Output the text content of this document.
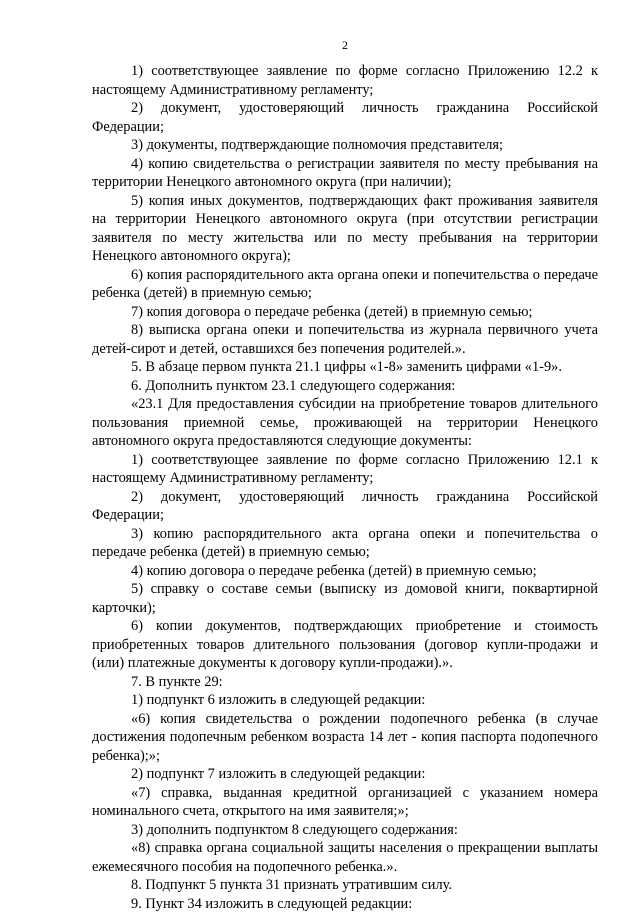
2

1) соответствующее заявление по форме согласно Приложению 12.2 к настоящему Административному регламенту;

2) документ, удостоверяющий личность гражданина Российской Федерации;

3) документы, подтверждающие полномочия представителя;

4) копию свидетельства о регистрации заявителя по месту пребывания на территории Ненецкого автономного округа (при наличии);

5) копия иных документов, подтверждающих факт проживания заявителя на территории Ненецкого автономного округа (при отсутствии регистрации заявителя по месту жительства или по месту пребывания на территории Ненецкого автономного округа);

6) копия распорядительного акта органа опеки и попечительства о передаче ребенка (детей) в приемную семью;

7) копия договора о передаче ребенка (детей) в приемную семью;

8) выписка органа опеки и попечительства из журнала первичного учета детей-сирот и детей, оставшихся без попечения родителей.».

5. В абзаце первом пункта 21.1 цифры «1-8» заменить цифрами «1-9».

6. Дополнить пунктом 23.1 следующего содержания:

«23.1 Для предоставления субсидии на приобретение товаров длительного пользования приемной семье, проживающей на территории Ненецкого автономного округа предоставляются следующие документы:

1) соответствующее заявление по форме согласно Приложению 12.1 к настоящему Административному регламенту;

2) документ, удостоверяющий личность гражданина Российской Федерации;

3) копию распорядительного акта органа опеки и попечительства о передаче ребенка (детей) в приемную семью;

4) копию договора о передаче ребенка (детей) в приемную семью;

5) справку о составе семьи (выписку из домовой книги, поквартирной карточки);

6) копии документов, подтверждающих приобретение и стоимость приобретенных товаров длительного пользования (договор купли-продажи и (или) платежные документы к договору купли-продажи).».

7. В пункте 29:

1) подпункт 6 изложить в следующей редакции:

«6) копия свидетельства о рождении подопечного ребенка (в случае достижения подопечным ребенком возраста 14 лет - копия паспорта подопечного ребенка);»;

2) подпункт 7 изложить в следующей редакции:

«7) справка, выданная кредитной организацией с указанием номера номинального счета, открытого на имя заявителя;»;

3) дополнить подпунктом 8 следующего содержания:

«8) справка органа социальной защиты населения о прекращении выплаты ежемесячного пособия на подопечного ребенка.».

8. Подпункт 5 пункта 31 признать утратившим силу.

9. Пункт 34 изложить в следующей редакции:
